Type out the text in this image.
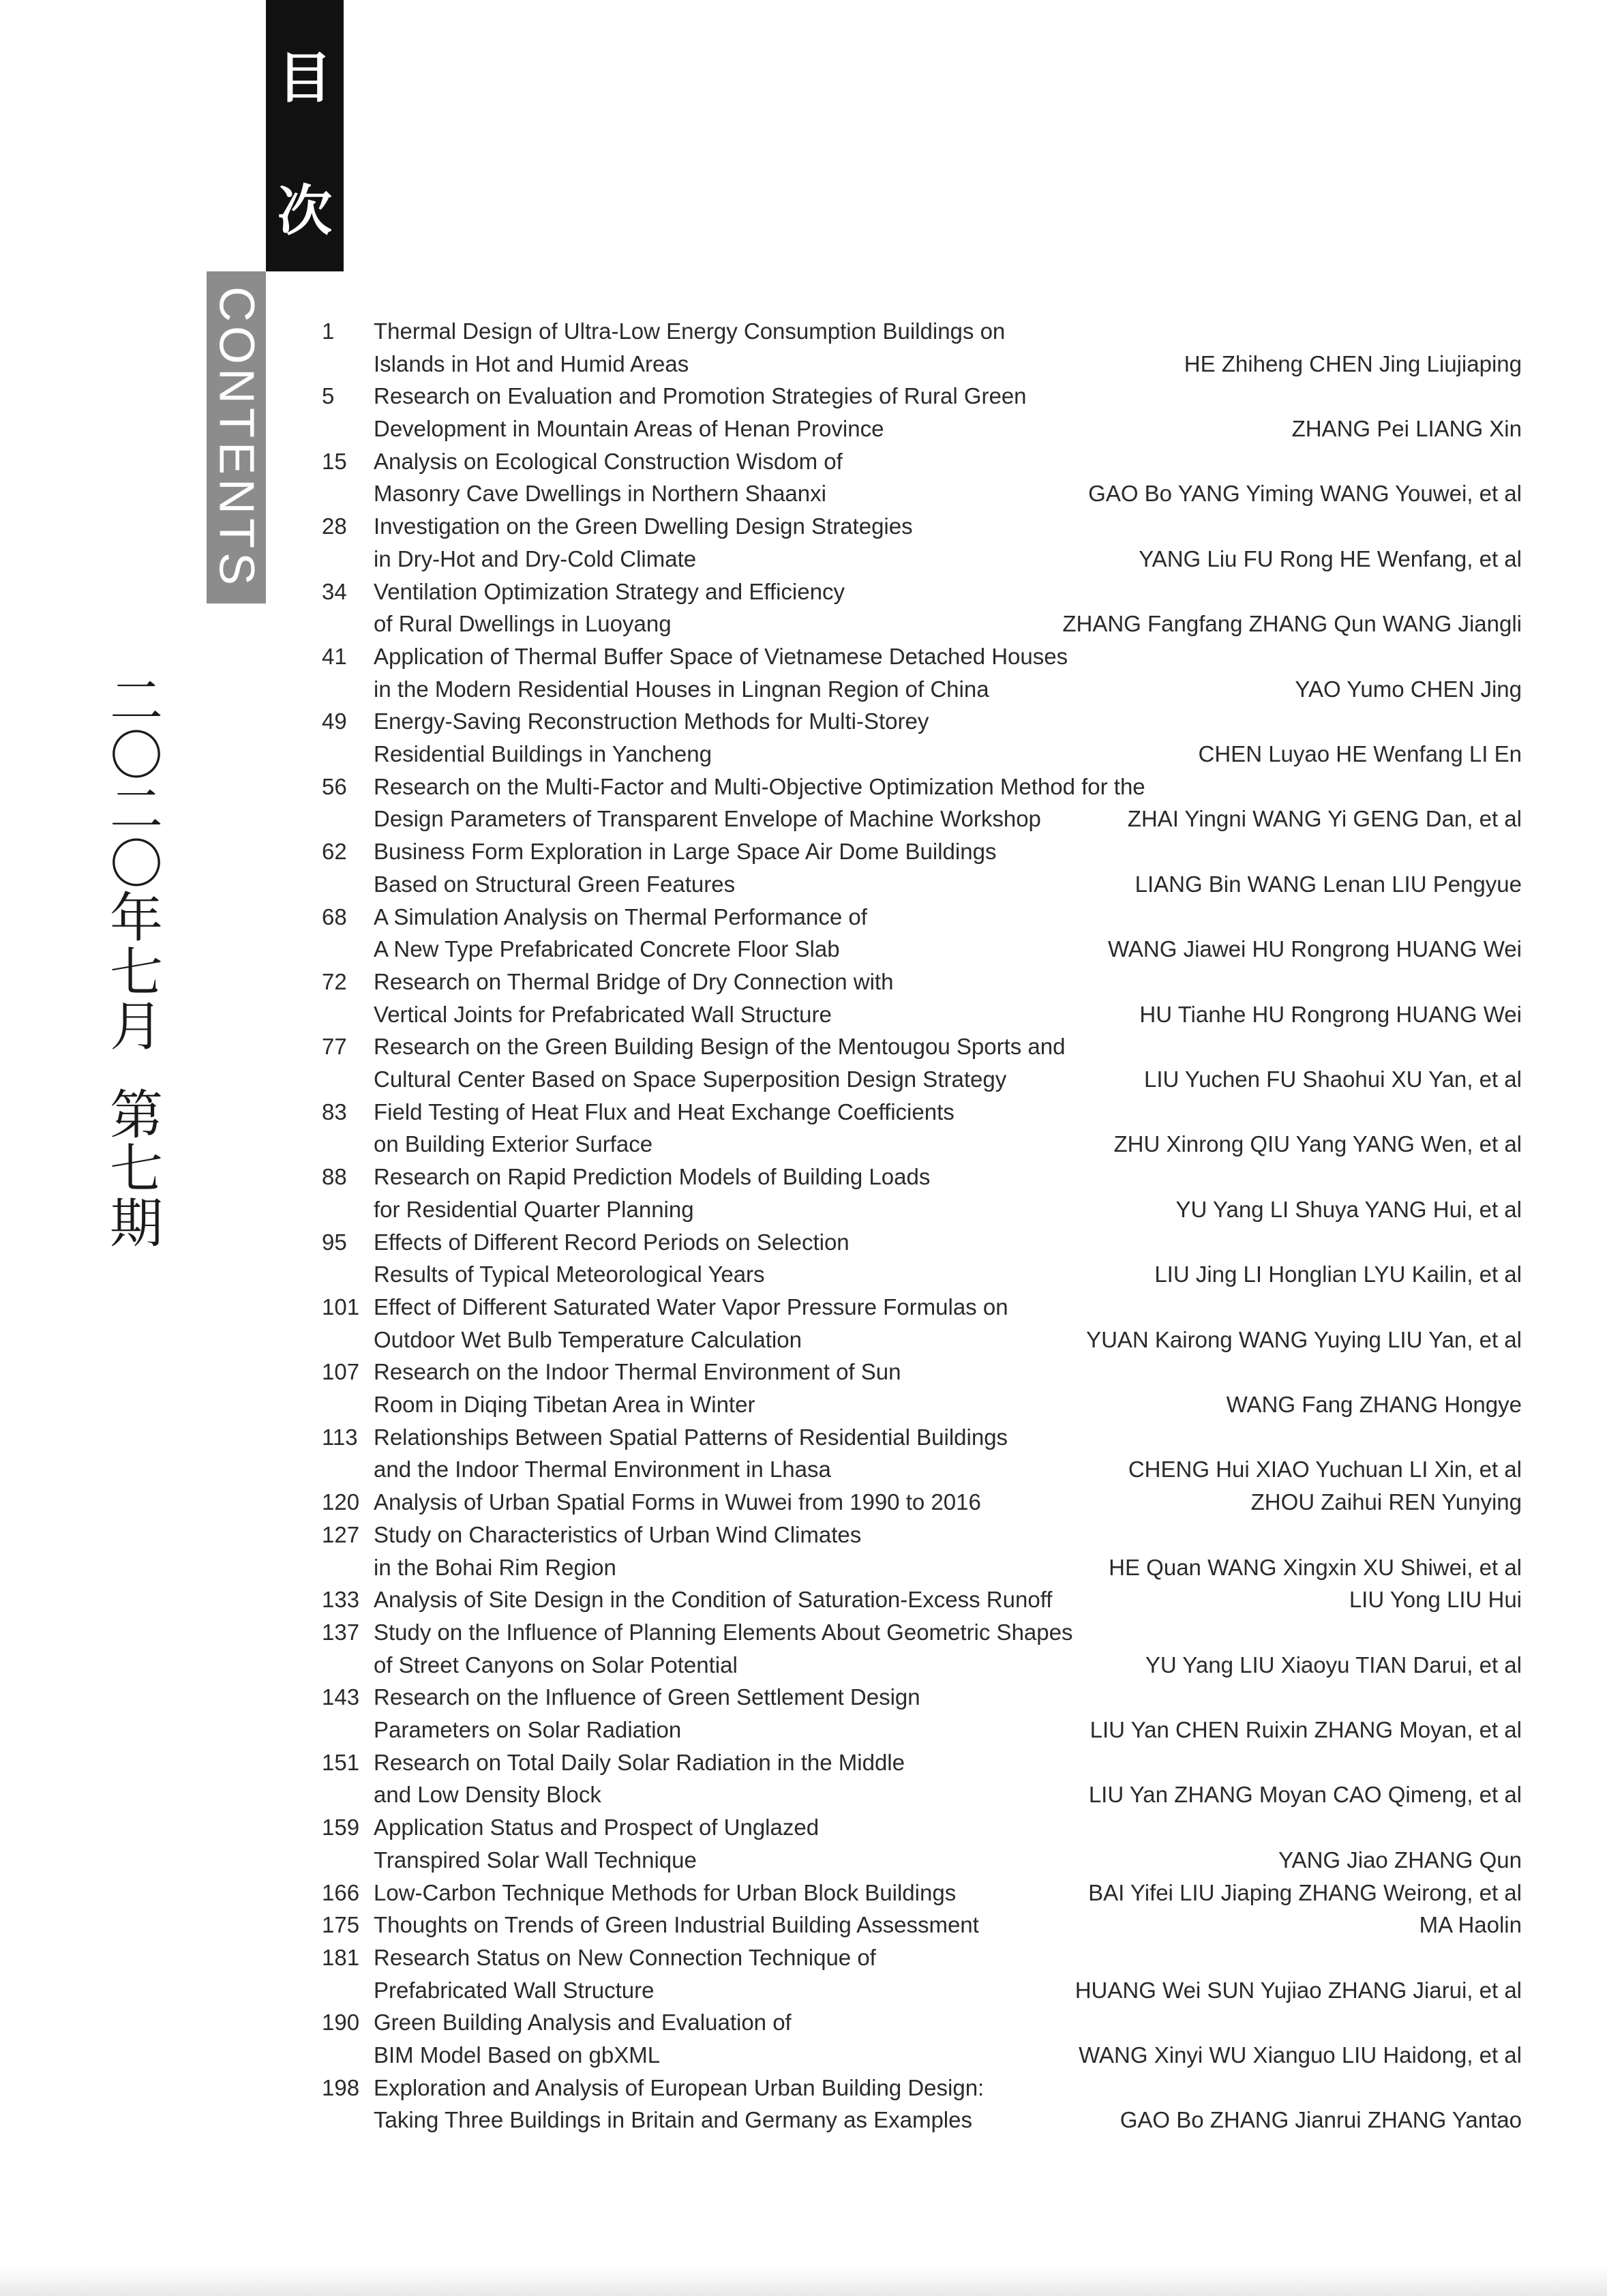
目
次
CONTENTS
二
〇
二
〇
年
七
月
第
七
期
1	Thermal Design of Ultra-Low Energy Consumption Buildings on
Islands in Hot and Humid Areas	HE Zhiheng CHEN Jing Liujiaping
5	Research on Evaluation and Promotion Strategies of Rural Green
Development in Mountain Areas of Henan Province	ZHANG Pei LIANG Xin
15	Analysis on Ecological Construction Wisdom of
Masonry Cave Dwellings in Northern Shaanxi	GAO Bo YANG Yiming WANG Youwei, et al
28	Investigation on the Green Dwelling Design Strategies
in Dry-Hot and Dry-Cold Climate	YANG Liu FU Rong HE Wenfang, et al
34	Ventilation Optimization Strategy and Efficiency
of Rural Dwellings in Luoyang	ZHANG Fangfang ZHANG Qun WANG Jiangli
41	Application of Thermal Buffer Space of Vietnamese Detached Houses
in the Modern Residential Houses in Lingnan Region of China	YAO Yumo CHEN Jing
49	Energy-Saving Reconstruction Methods for Multi-Storey
Residential Buildings in Yancheng	CHEN Luyao HE Wenfang LI En
56	Research on the Multi-Factor and Multi-Objective Optimization Method for the
Design Parameters of Transparent Envelope of Machine Workshop	ZHAI Yingni WANG Yi GENG Dan, et al
62	Business Form Exploration in Large Space Air Dome Buildings
Based on Structural Green Features	LIANG Bin WANG Lenan LIU Pengyue
68	A Simulation Analysis on Thermal Performance of
A New Type Prefabricated Concrete Floor Slab	WANG Jiawei HU Rongrong HUANG Wei
72	Research on Thermal Bridge of Dry Connection with
Vertical Joints for Prefabricated Wall Structure	HU Tianhe HU Rongrong HUANG Wei
77	Research on the Green Building Besign of the Mentougou Sports and
Cultural Center Based on Space Superposition Design Strategy	LIU Yuchen FU Shaohui XU Yan, et al
83	Field Testing of Heat Flux and Heat Exchange Coefficients
on Building Exterior Surface	ZHU Xinrong QIU Yang YANG Wen, et al
88	Research on Rapid Prediction Models of Building Loads
for Residential Quarter Planning	YU Yang LI Shuya YANG Hui, et al
95	Effects of Different Record Periods on Selection
Results of Typical Meteorological Years	LIU Jing LI Honglian LYU Kailin, et al
101 Effect of Different Saturated Water Vapor Pressure Formulas on
Outdoor Wet Bulb Temperature Calculation	YUAN Kairong WANG Yuying LIU Yan, et al
107 Research on the Indoor Thermal Environment of Sun
Room in Diqing Tibetan Area in Winter	WANG Fang ZHANG Hongye
113 Relationships Between Spatial Patterns of Residential Buildings
and the Indoor Thermal Environment in Lhasa	CHENG Hui XIAO Yuchuan LI Xin, et al
120 Analysis of Urban Spatial Forms in Wuwei from 1990 to 2016	ZHOU Zaihui REN Yunying
127 Study on Characteristics of Urban Wind Climates
in the Bohai Rim Region	HE Quan WANG Xingxin XU Shiwei, et al
133 Analysis of Site Design in the Condition of Saturation-Excess Runoff	LIU Yong LIU Hui
137 Study on the Influence of Planning Elements About Geometric Shapes
of Street Canyons on Solar Potential	YU Yang LIU Xiaoyu TIAN Darui, et al
143 Research on the Influence of Green Settlement Design
Parameters on Solar Radiation	LIU Yan CHEN Ruixin ZHANG Moyan, et al
151 Research on Total Daily Solar Radiation in the Middle
and Low Density Block	LIU Yan ZHANG Moyan CAO Qimeng, et al
159 Application Status and Prospect of Unglazed
Transpired Solar Wall Technique	YANG Jiao ZHANG Qun
166 Low-Carbon Technique Methods for Urban Block Buildings	BAI Yifei LIU Jiaping ZHANG Weirong, et al
175 Thoughts on Trends of Green Industrial Building Assessment	MA Haolin
181 Research Status on New Connection Technique of
Prefabricated Wall Structure	HUANG Wei SUN Yujiao ZHANG Jiarui, et al
190 Green Building Analysis and Evaluation of
BIM Model Based on gbXML	WANG Xinyi WU Xianguo LIU Haidong, et al
198 Exploration and Analysis of European Urban Building Design:
Taking Three Buildings in Britain and Germany as Examples	GAO Bo ZHANG Jianrui ZHANG Yantao
